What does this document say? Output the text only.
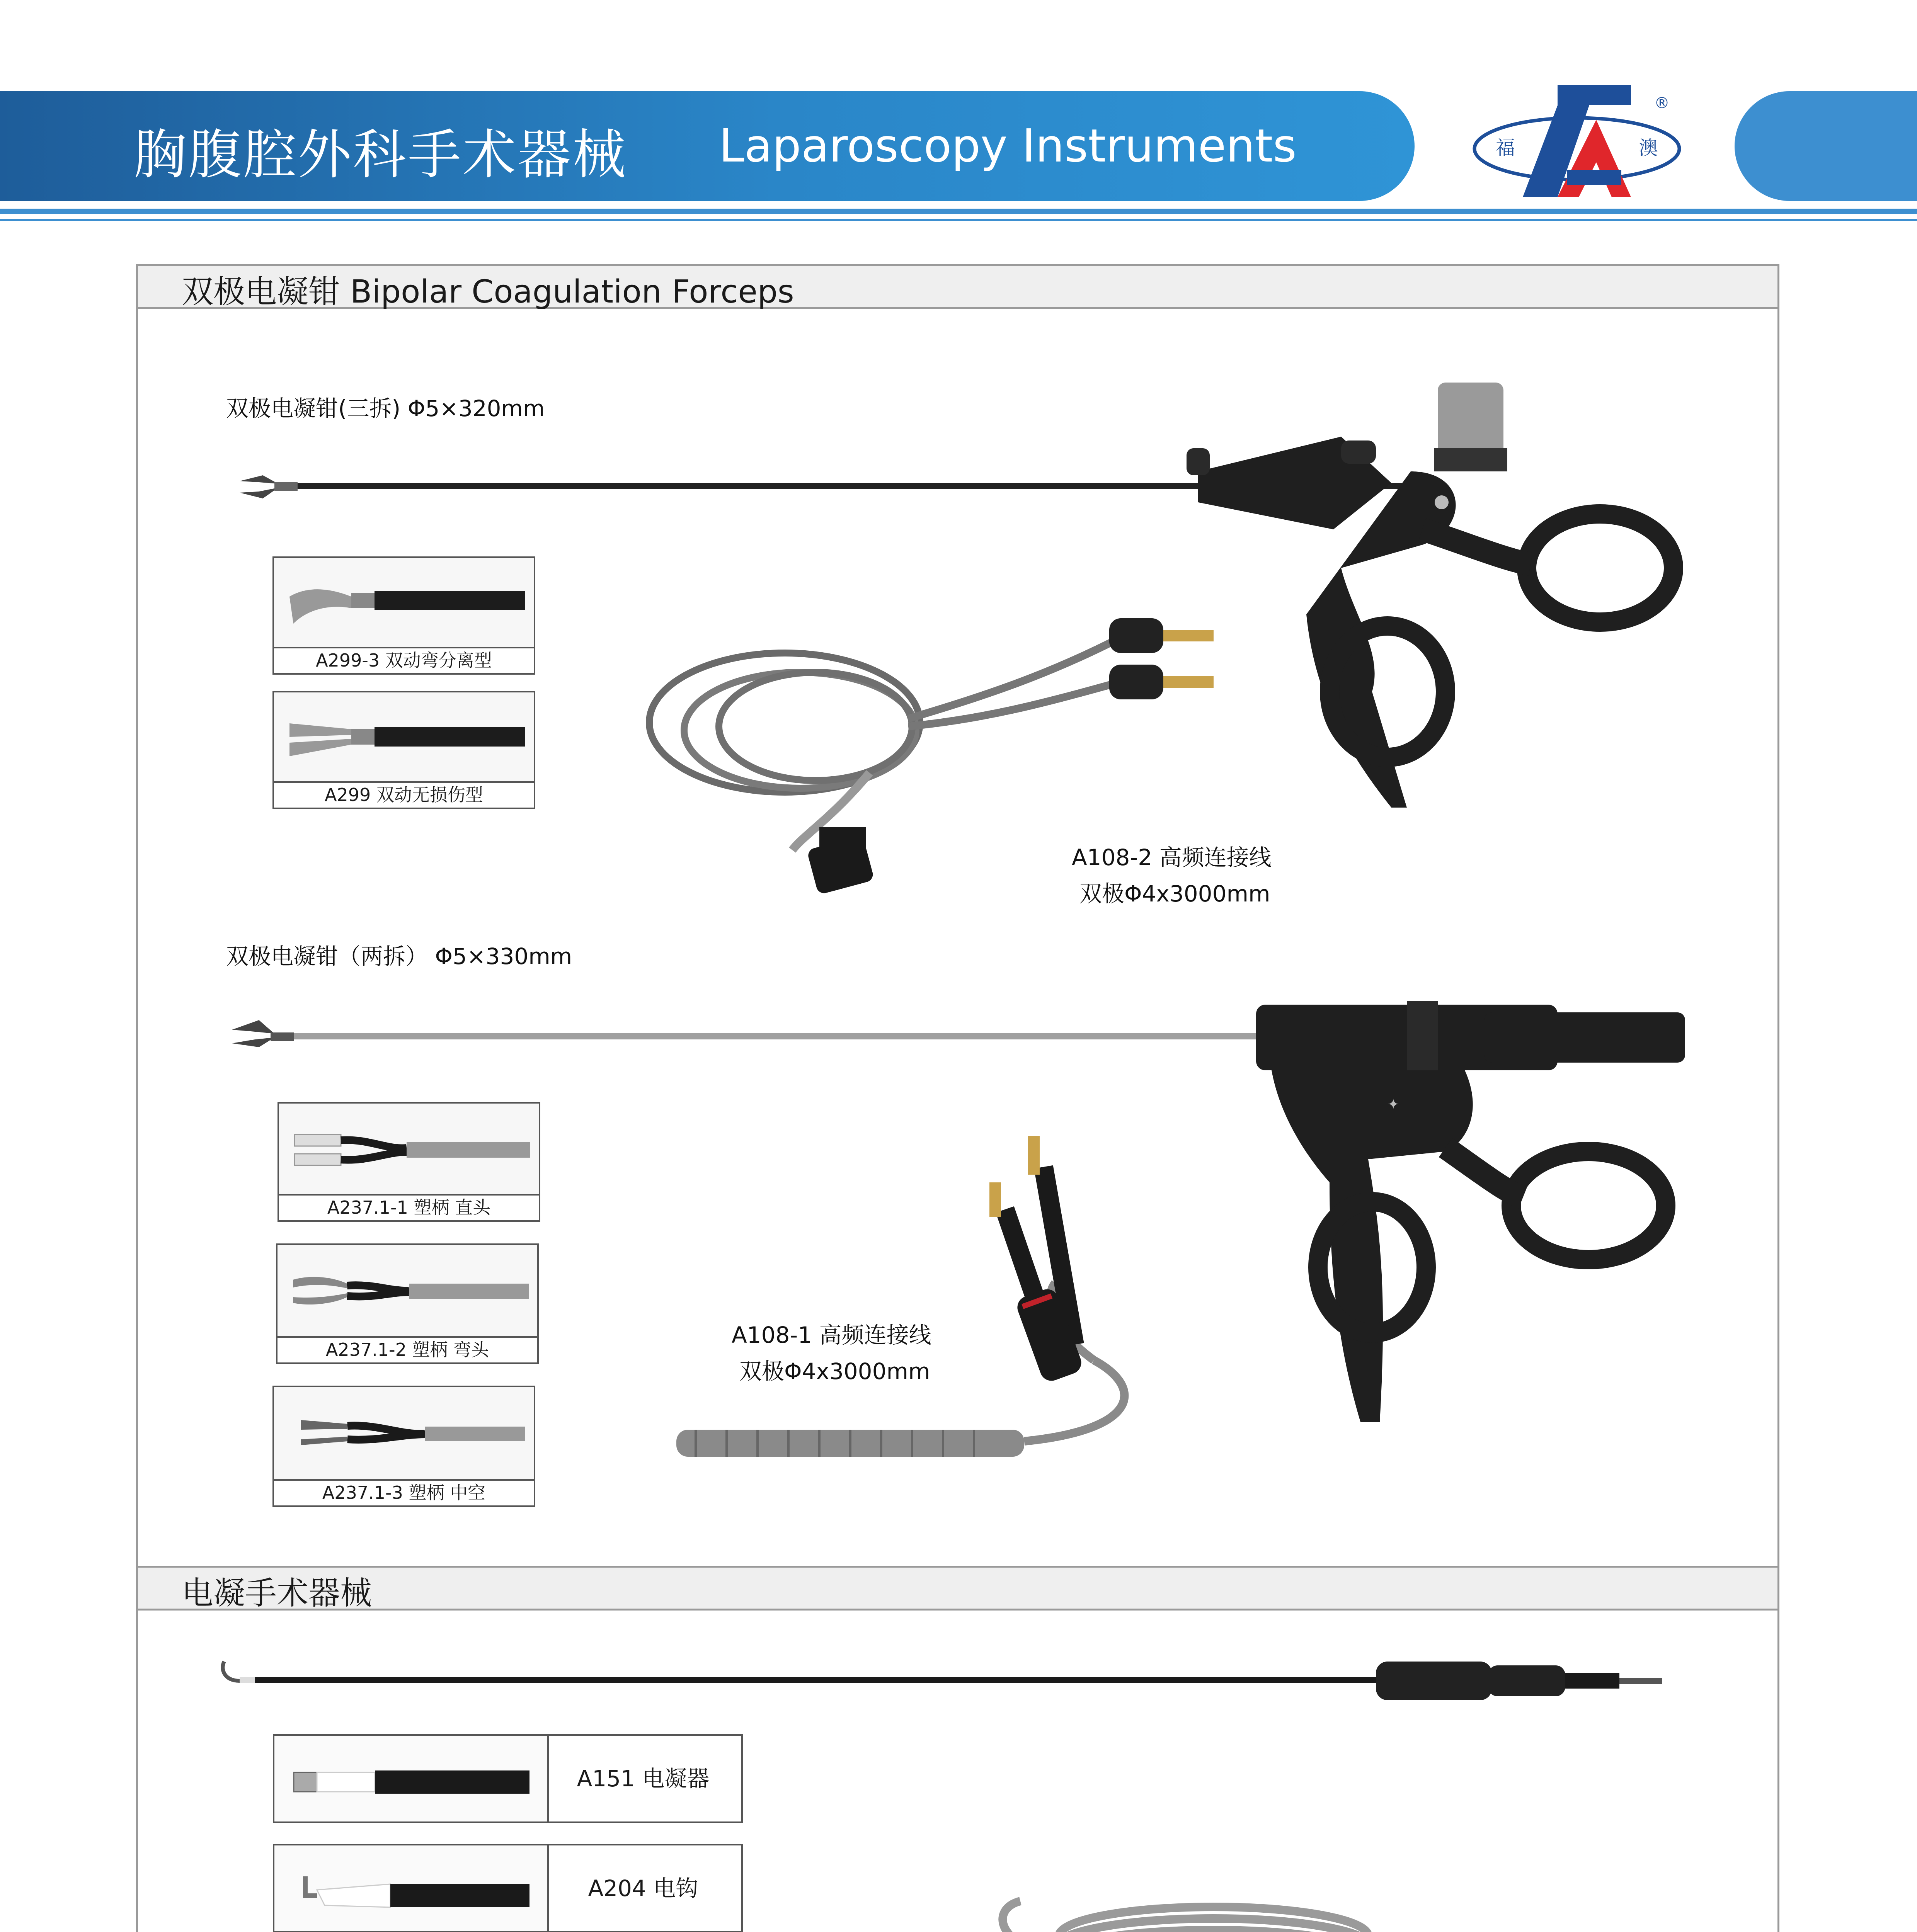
胸腹腔外科手术器械 Laparoscopy Instruments	福	澳
®
双极电凝钳 Bipolar Coagulation Forceps
双极电凝钳(三拆) Φ5×320mm
A299-3 双动弯分离型
A299 双动无损伤型
A108-2 高频连接线
双极Φ4x3000mm
双极电凝钳（两拆） Φ5×330mm
✦
A237.1-1 塑柄 直头
A237.1-2 塑柄 弯头
A237.1-3 塑柄 中空
A108-1 高频连接线
双极Φ4x3000mm
电凝手术器械
A151 电凝器
A204 电钩
